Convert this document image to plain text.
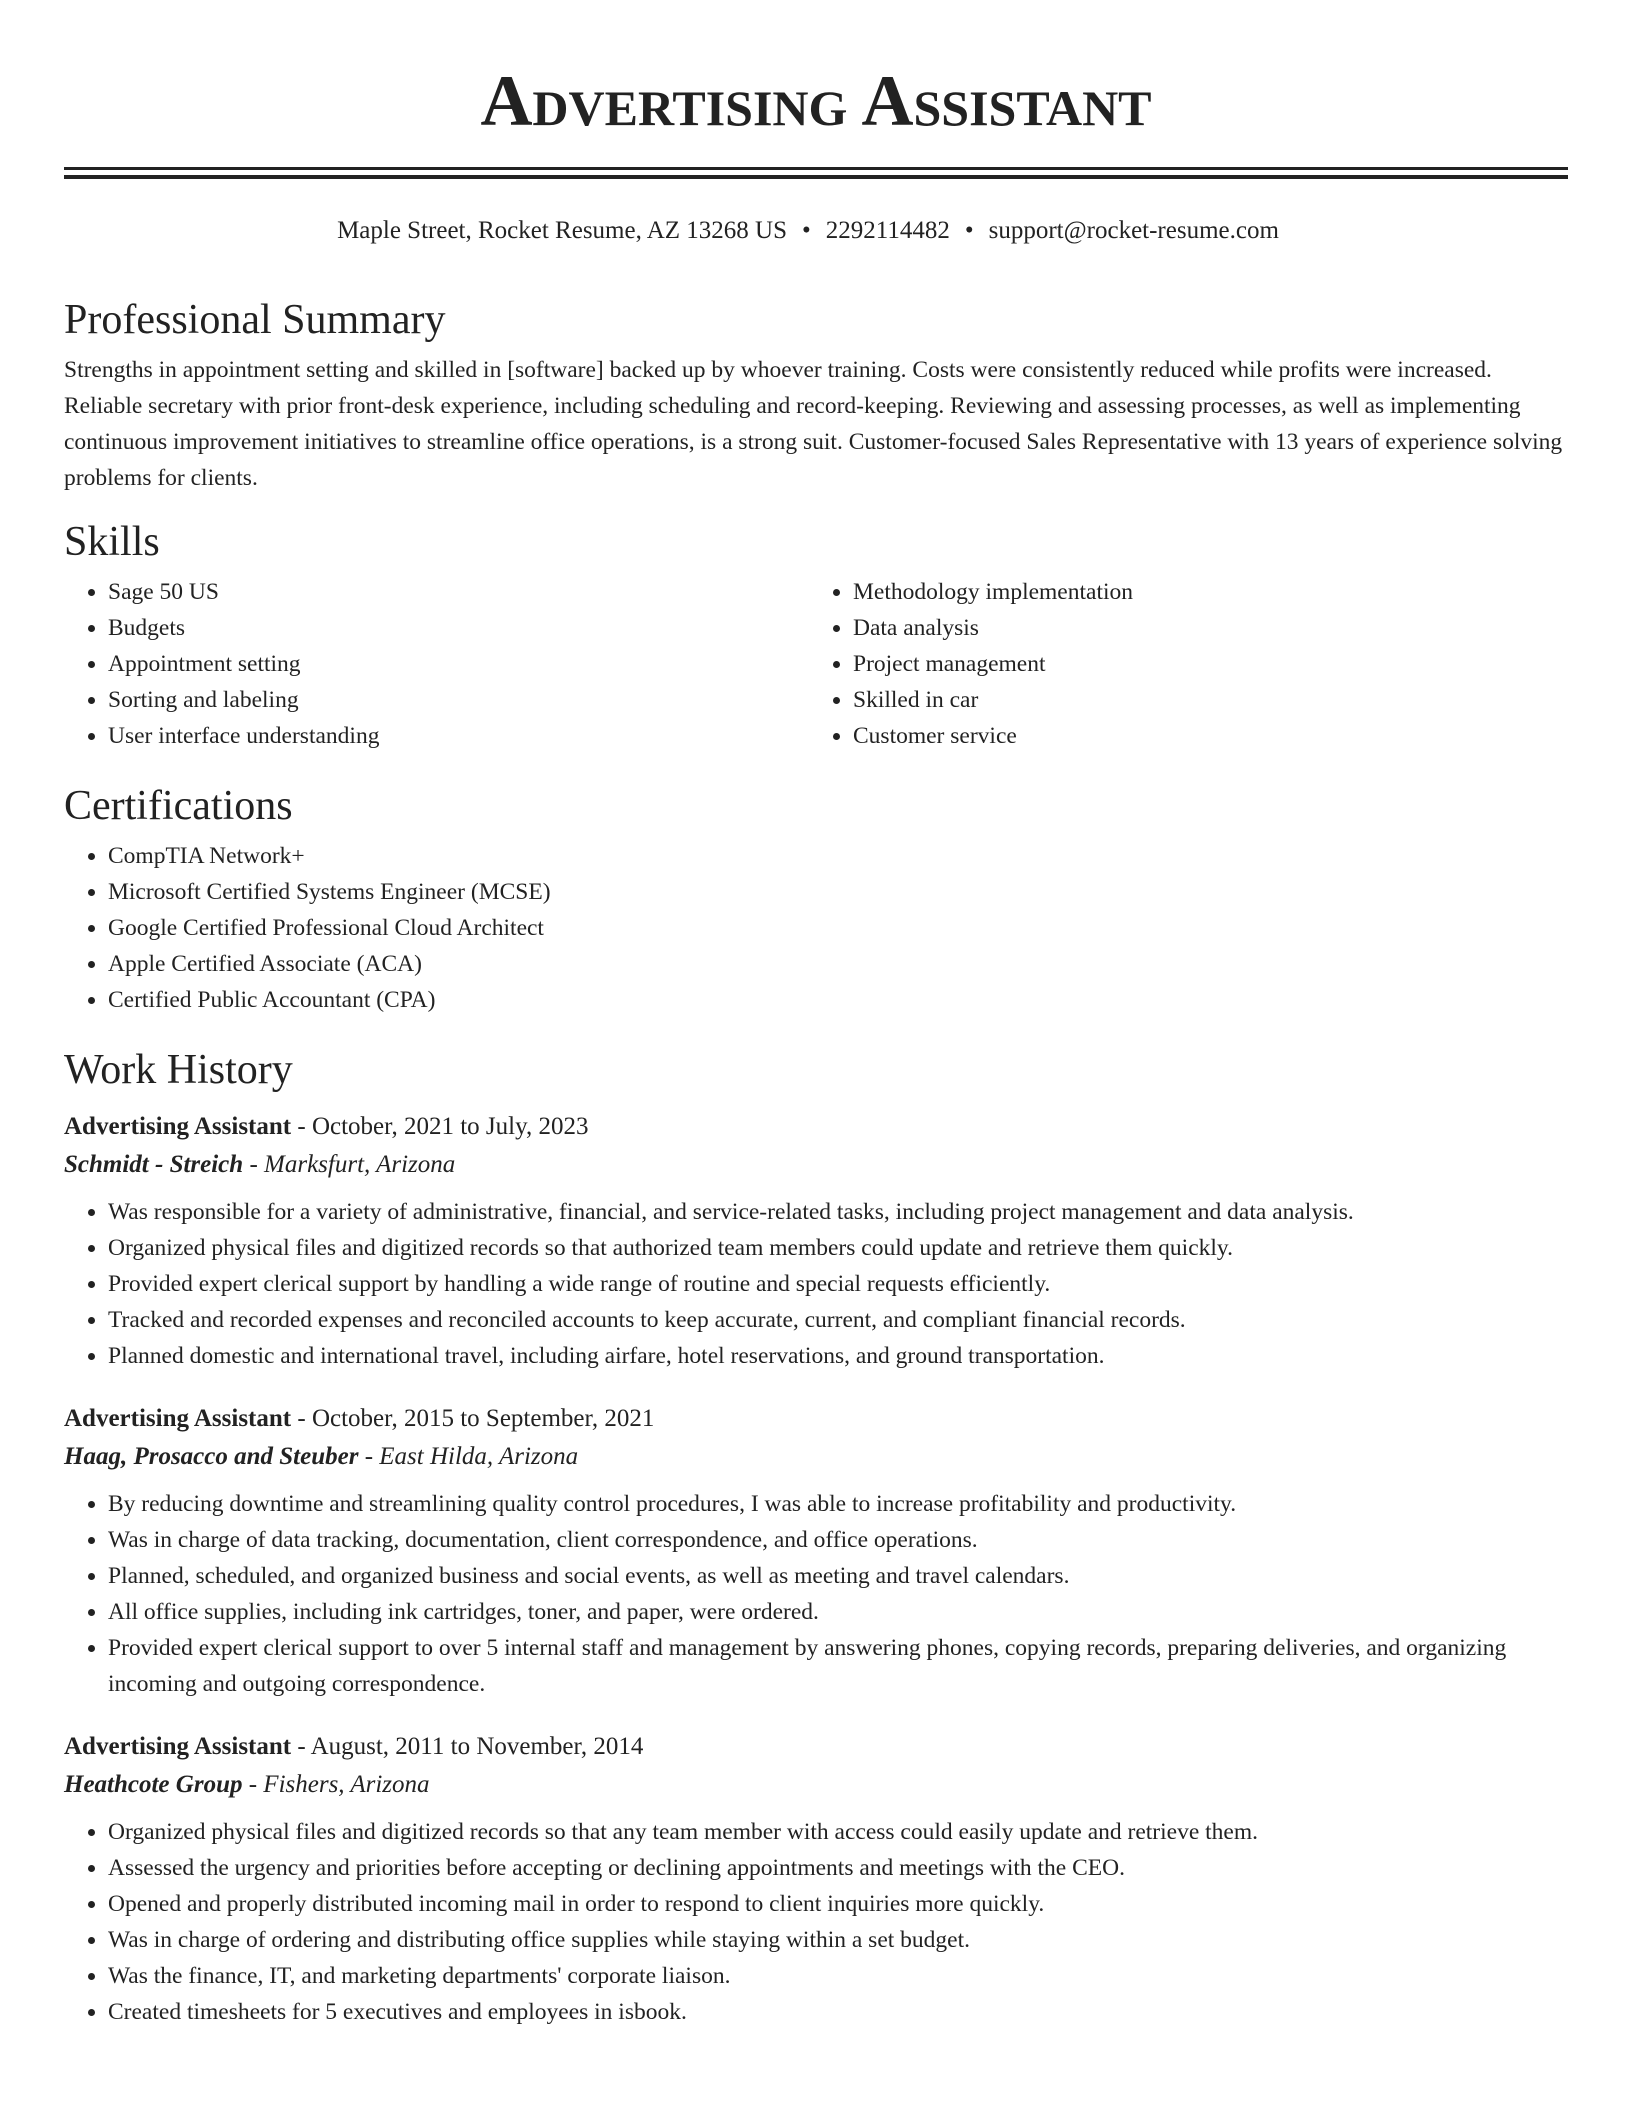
Advertising Assistant
Maple Street, Rocket Resume, AZ 13268 US • 2292114482 • support@rocket-resume.com
Professional Summary

Strengths in appointment setting and skilled in [software] backed up by whoever training. Costs were consistently reduced while profits were increased. Reliable secretary with prior front-desk experience, including scheduling and record-keeping. Reviewing and assessing processes, as well as implementing continuous improvement initiatives to streamline office operations, is a strong suit. Customer-focused Sales Representative with 13 years of experience solving problems for clients.

Skills
• Sage 50 US
• Budgets
• Appointment setting
• Sorting and labeling
• User interface understanding
• Methodology implementation
• Data analysis
• Project management
• Skilled in car
• Customer service
Certifications
• CompTIA Network+
• Microsoft Certified Systems Engineer (MCSE)
• Google Certified Professional Cloud Architect
• Apple Certified Associate (ACA)
• Certified Public Accountant (CPA)
Work History
Advertising Assistant - October, 2021 to July, 2023
Schmidt - Streich - Marksfurt, Arizona
• Was responsible for a variety of administrative, financial, and service-related tasks, including project management and data analysis.
• Organized physical files and digitized records so that authorized team members could update and retrieve them quickly.
• Provided expert clerical support by handling a wide range of routine and special requests efficiently.
• Tracked and recorded expenses and reconciled accounts to keep accurate, current, and compliant financial records.
• Planned domestic and international travel, including airfare, hotel reservations, and ground transportation.
Advertising Assistant - October, 2015 to September, 2021
Haag, Prosacco and Steuber - East Hilda, Arizona
• By reducing downtime and streamlining quality control procedures, I was able to increase profitability and productivity.
• Was in charge of data tracking, documentation, client correspondence, and office operations.
• Planned, scheduled, and organized business and social events, as well as meeting and travel calendars.
• All office supplies, including ink cartridges, toner, and paper, were ordered.
• Provided expert clerical support to over 5 internal staff and management by answering phones, copying records, preparing deliveries, and organizing incoming and outgoing correspondence.
Advertising Assistant - August, 2011 to November, 2014
Heathcote Group - Fishers, Arizona
• Organized physical files and digitized records so that any team member with access could easily update and retrieve them.
• Assessed the urgency and priorities before accepting or declining appointments and meetings with the CEO.
• Opened and properly distributed incoming mail in order to respond to client inquiries more quickly.
• Was in charge of ordering and distributing office supplies while staying within a set budget.
• Was the finance, IT, and marketing departments' corporate liaison.
• Created timesheets for 5 executives and employees in isbook.
